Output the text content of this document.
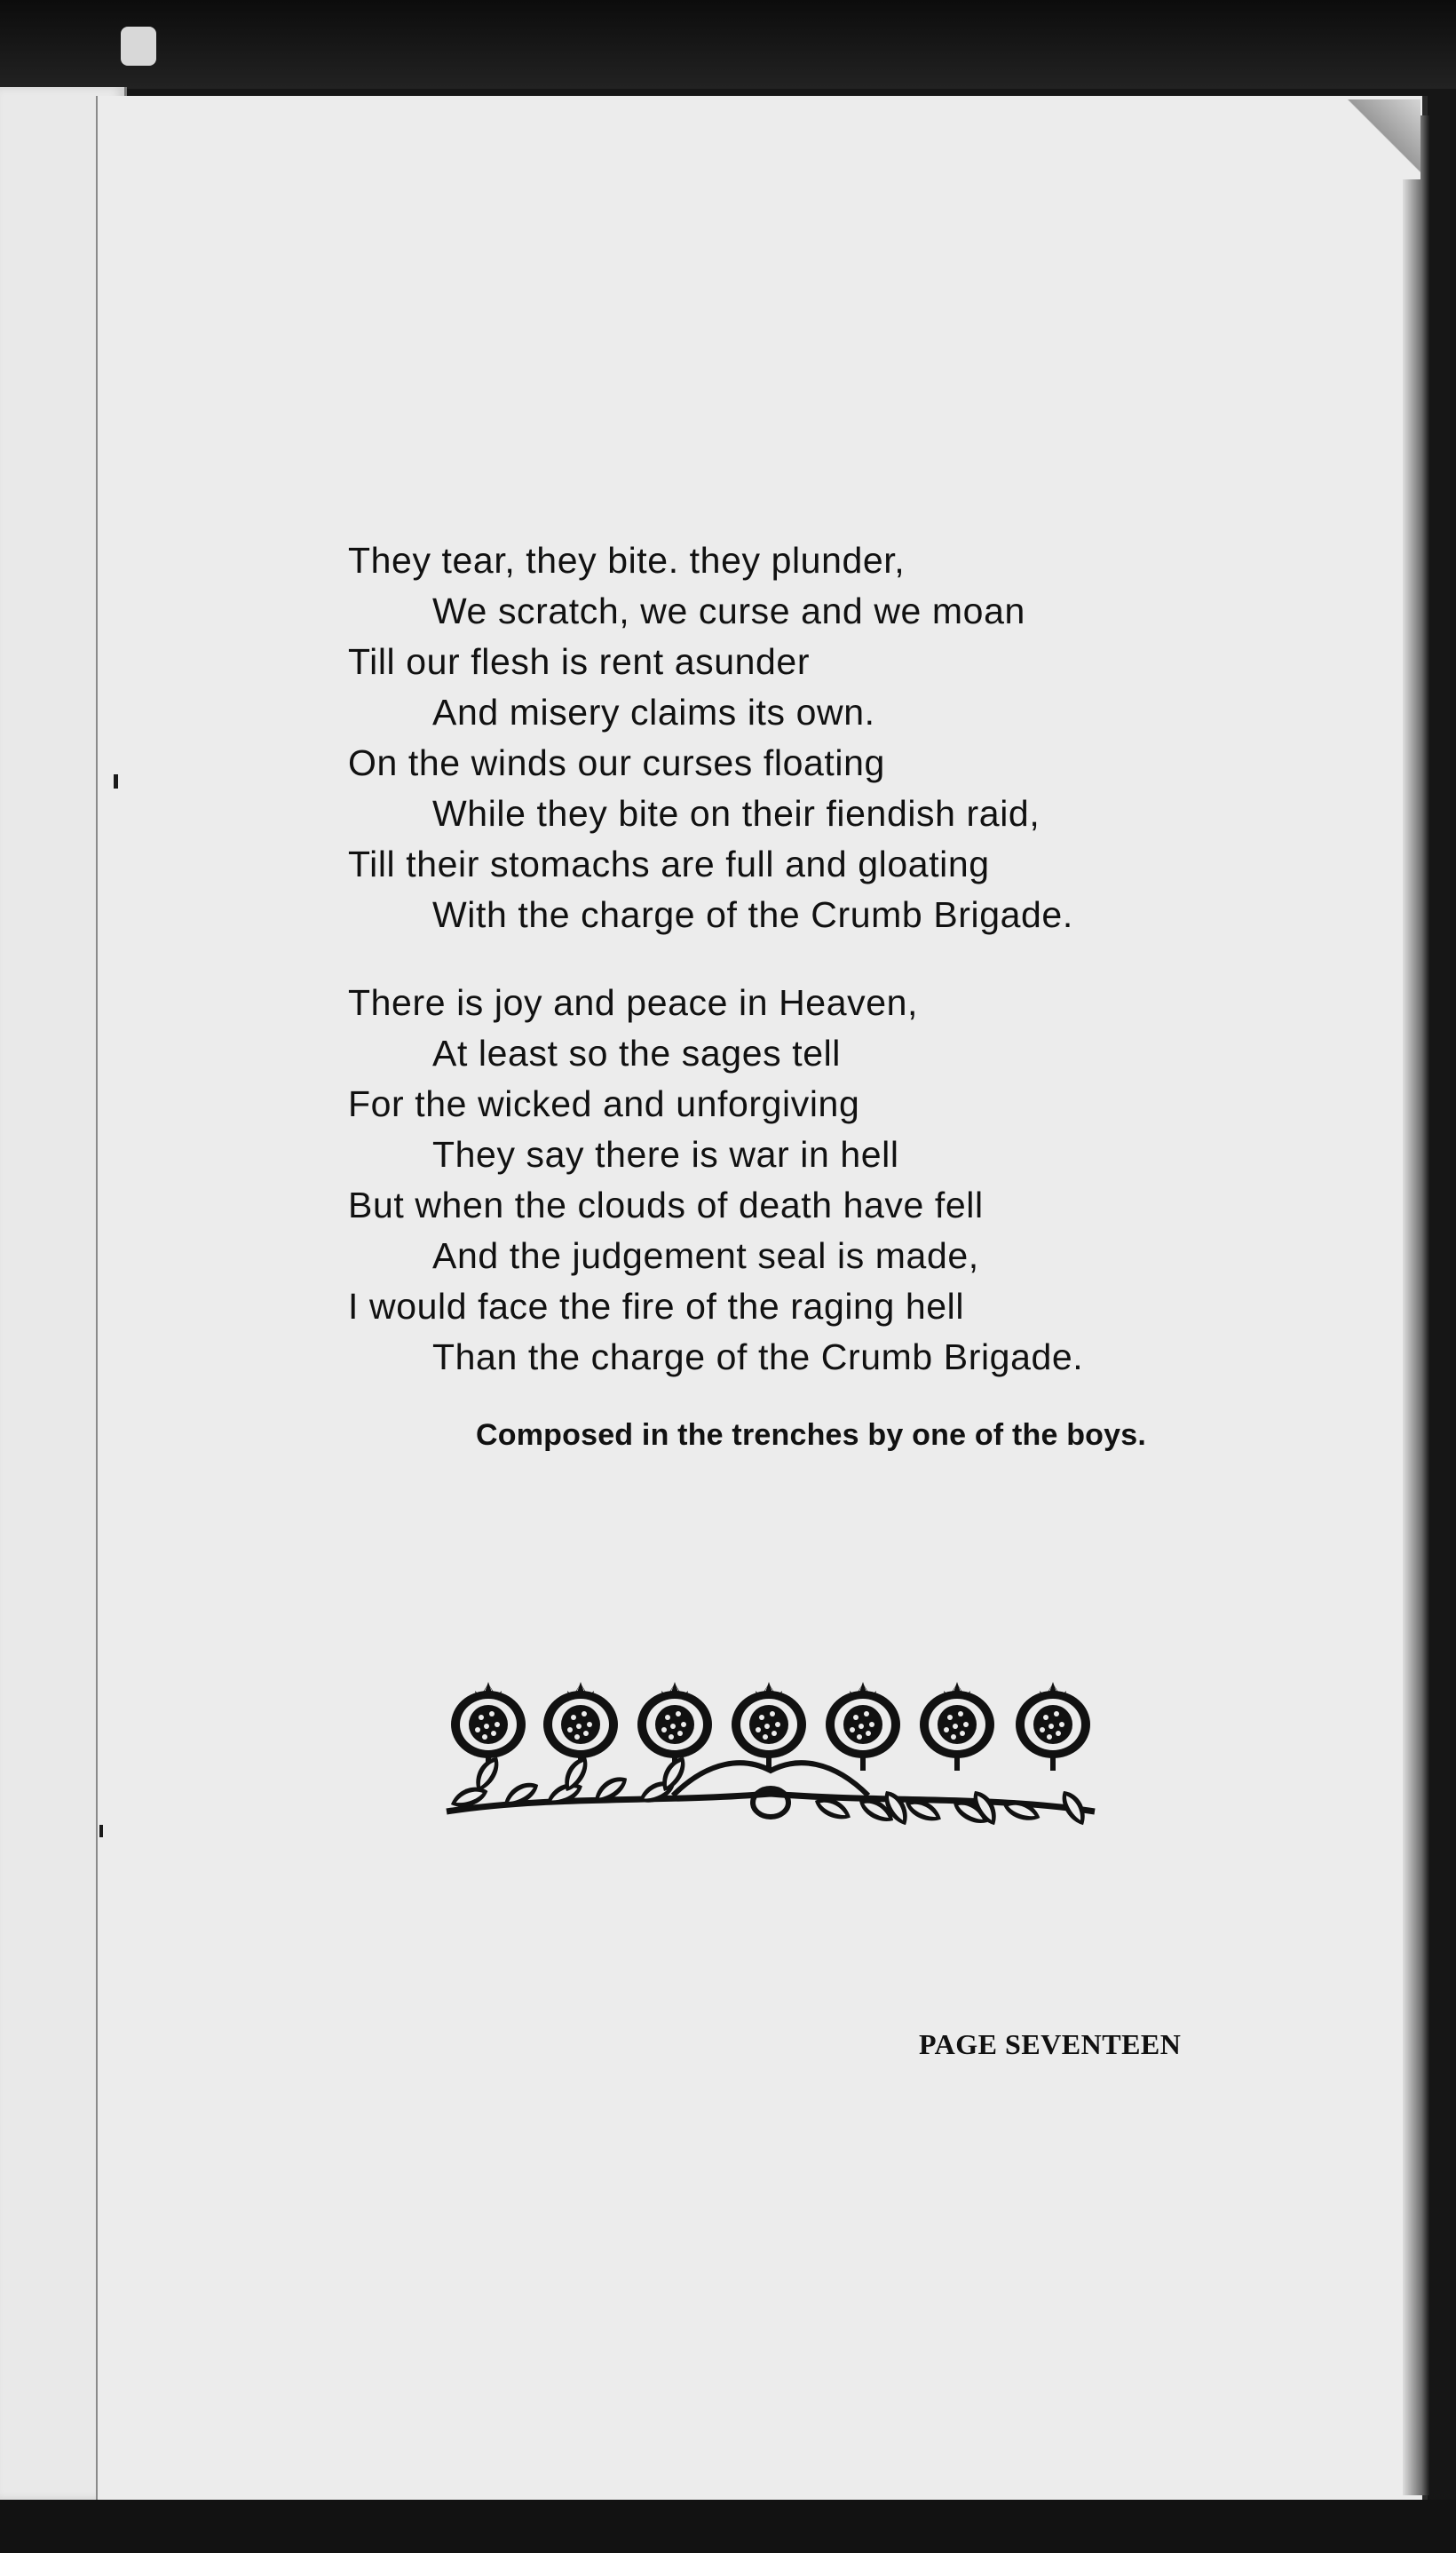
They tear, they bite. they plunder,
We scratch, we curse and we moan
Till our flesh is rent asunder
And misery claims its own.
On the winds our curses floating
While they bite on their fiendish raid,
Till their stomachs are full and gloating
With the charge of the Crumb Brigade.
There is joy and peace in Heaven,
At least so the sages tell
For the wicked and unforgiving
They say there is war in hell
But when the clouds of death have fell
And the judgement seal is made,
I would face the fire of the raging hell
Than the charge of the Crumb Brigade.
Composed in the trenches by one of the boys.
PAGE SEVENTEEN
